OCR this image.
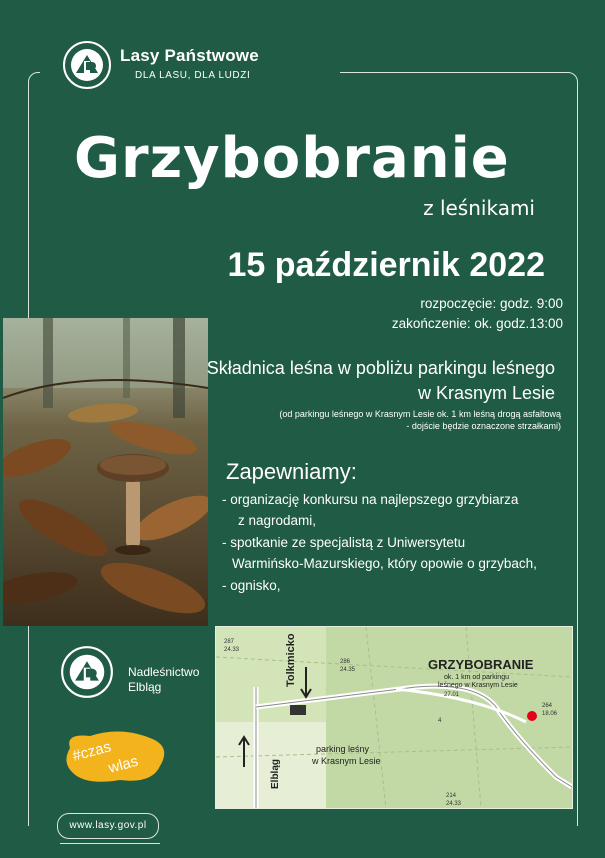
Lasy Państwowe
DLA LASU, DLA LUDZI
Grzybobranie
z leśnikami
15 październik 2022
rozpoczęcie: godz. 9:00
zakończenie: ok. godz.13:00
Składnica leśna w pobliżu parkingu leśnego
w Krasnym Lesie
(od parkingu leśnego w Krasnym Lesie ok. 1 km leśną drogą asfaltową
- dojście będzie oznaczone strzałkami)
Zapewniamy:
- organizację konkursu na najlepszego grzybiarza
z nagrodami,
- spotkanie ze specjalistą z Uniwersytetu
Warmińsko-Mazurskiego, który opowie o grzybach,
- ognisko,
Nadleśnictwo
Elbląg
#czas
wlas
GRZYBOBRANIE
ok. 1 km od parkingu
leśnego w Krasnym Lesie
parking leśny
w Krasnym Lesie
Tolkmicko
Elbląg
287
24.33
286
24.35
27.01
264
18.06
214
24.33
4
www.lasy.gov.pl
